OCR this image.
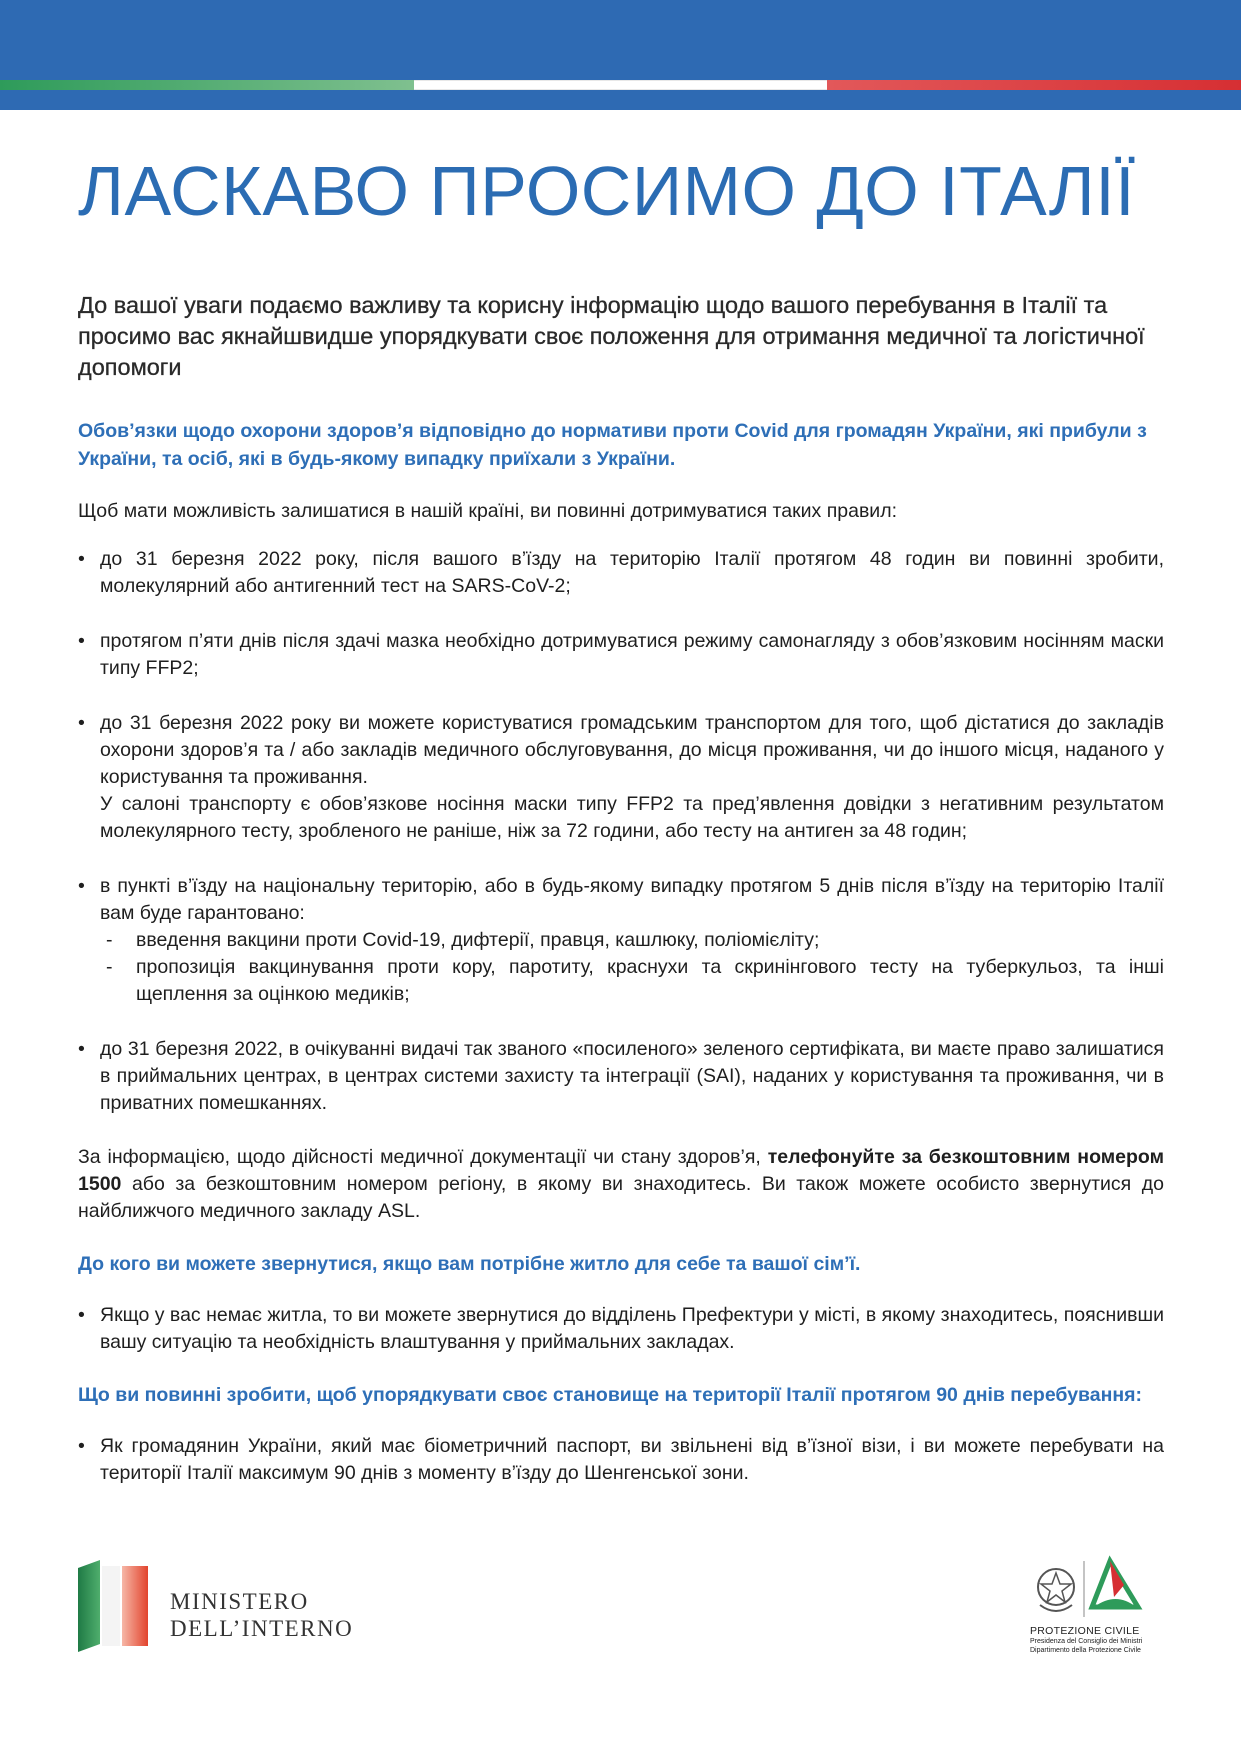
ЛАСКАВО ПРОСИМО ДО ІТАЛІЇ

До вашої уваги подаємо важливу та корисну інформацію щодо вашого перебування в Італії та просимо вас якнайшвидше упорядкувати своє положення для отримання медичної та логістичної допомоги

Обов’язки щодо охорони здоров’я відповідно до нормативи проти Covid для громадян України, які прибули з України, та осіб, які в будь-якому випадку приїхали з України.

Щоб мати можливість залишатися в нашій країні, ви повинні дотримуватися таких правил:

• до 31 березня 2022 року, після вашого в’їзду на територію Італії протягом 48 годин ви повинні зробити, молекулярний або антигенний тест на SARS-CoV-2;
• протягом п’яти днів після здачі мазка необхідно дотримуватися режиму самонагляду з обов’язковим носінням маски типу FFP2;
• до 31 березня 2022 року ви можете користуватися громадським транспортом для того, щоб дістатися до закладів охорони здоров’я та / або закладів медичного обслуговування, до місця проживання, чи до іншого місця, наданого у користування та проживання.
У салоні транспорту є обов’язкове носіння маски типу FFP2 та пред’явлення довідки з негативним результатом молекулярного тесту, зробленого не раніше, ніж за 72 години, або тесту на антиген за 48 годин;
• в пункті в’їзду на національну територію, або в будь-якому випадку протягом 5 днів після в’їзду на територію Італії вам буде гарантовано:
- введення вакцини проти Covid-19, дифтерії, правця, кашлюку, поліомієліту;
- пропозиція вакцинування проти кору, паротиту, краснухи та скринінгового тесту на туберкульоз, та інші щеплення за оцінкою медиків;
• до 31 березня 2022, в очікуванні видачі так званого «посиленого» зеленого сертифіката, ви маєте право залишатися в приймальних центрах, в центрах системи захисту та інтеграції (SAI), наданих у користування та проживання, чи в приватних помешканнях.

За інформацією, щодо дійсності медичної документації чи стану здоров’я, телефонуйте за безкоштовним номером 1500 або за безкоштовним номером регіону, в якому ви знаходитесь. Ви також можете особисто звернутися до найближчого медичного закладу ASL.

До кого ви можете звернутися, якщо вам потрібне житло для себе та вашої сім’ї.

• Якщо у вас немає житла, то ви можете звернутися до відділень Префектури у місті, в якому знаходитесь, пояснивши вашу ситуацію та необхідність влаштування у приймальних закладах.

Що ви повинні зробити, щоб упорядкувати своє становище на території Італії протягом 90 днів перебування:

• Як громадянин України, який має біометричний паспорт, ви звільнені від в’їзної візи, і ви можете перебувати на території Італії максимум 90 днів з моменту в’їзду до Шенгенської зони.
MINISTERO
DELL’INTERNO	PROTEZIONE CIVILE
Presidenza del Consiglio dei Ministri
Dipartimento della Protezione Civile
